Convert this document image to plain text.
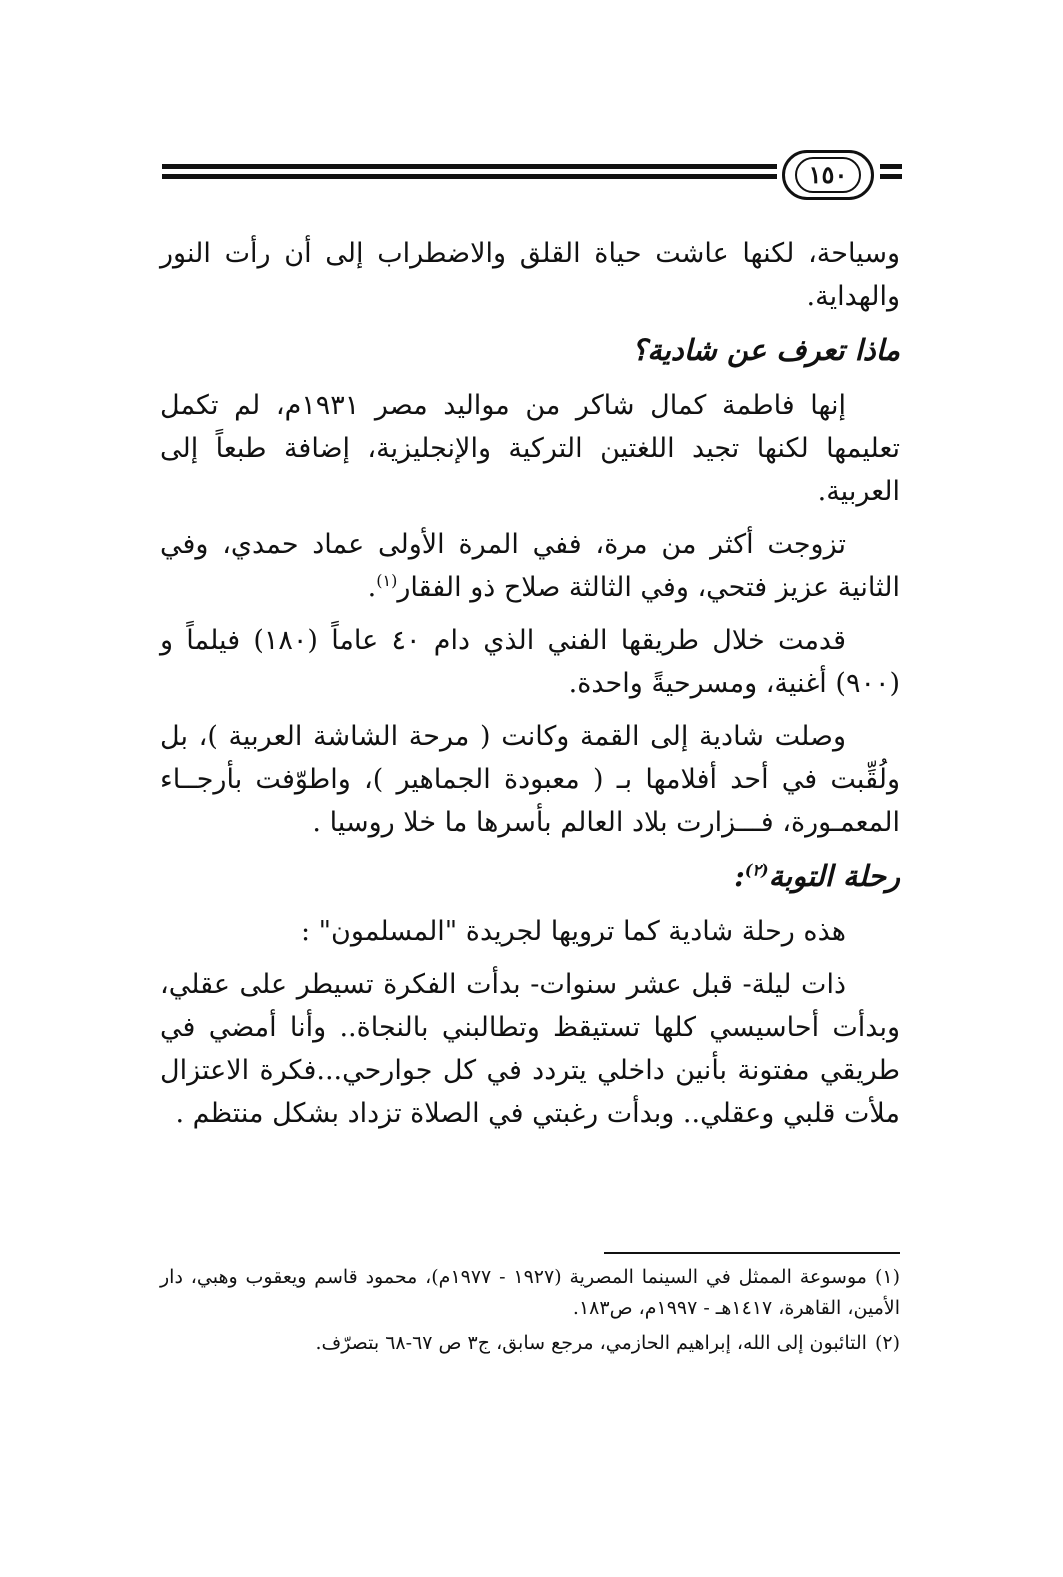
١٥٠

وسياحة، لكنها عاشت حياة القلق والاضطراب إلى أن رأت النور والهداية.

ماذا تعرف عن شادية؟

إنها فاطمة كمال شاكر من مواليد مصر ١٩٣١م، لم تكمل تعليمها لكنها تجيد اللغتين التركية والإنجليزية، إضافة طبعاً إلى العربية.

تزوجت أكثر من مرة، ففي المرة الأولى عماد حمدي، وفي الثانية عزيز فتحي، وفي الثالثة صلاح ذو الفقار$^{(١)}$.

قدمت خلال طريقها الفني الذي دام ٤٠ عاماً (١٨٠) فيلماً و (٩٠٠) أغنية، ومسرحيةً واحدة.

وصلت شادية إلى القمة وكانت ( مرحة الشاشة العربية )، بل ولُقِّبت في أحد أفلامها بـ ( معبودة الجماهير )، واطوّفت بأرجــاء المعمـورة، فـــزارت بلاد العالم بأسرها ما خلا روسيا .

رحلة التوبة$^{(٢)}$:

هذه رحلة شادية كما ترويها لجريدة "المسلمون" :

ذات ليلة- قبل عشر سنوات- بدأت الفكرة تسيطر على عقلي، وبدأت أحاسيسي كلها تستيقظ وتطالبني بالنجاة.. وأنا أمضي في طريقي مفتونة بأنين داخلي يتردد في كل جوارحي...فكرة الاعتزال ملأت قلبي وعقلي.. وبدأت رغبتي في الصلاة تزداد بشكل منتظم .

(١)موسوعة الممثل في السينما المصرية (١٩٢٧ - ١٩٧٧م)، محمود قاسم ويعقوب وهبي، دار الأمين، القاهرة، ١٤١٧هـ - ١٩٩٧م، ص١٨٣.

(٢)التائبون إلى الله، إبراهيم الحازمي، مرجع سابق، ج٣ ص ٦٧-٦٨ بتصرّف.
